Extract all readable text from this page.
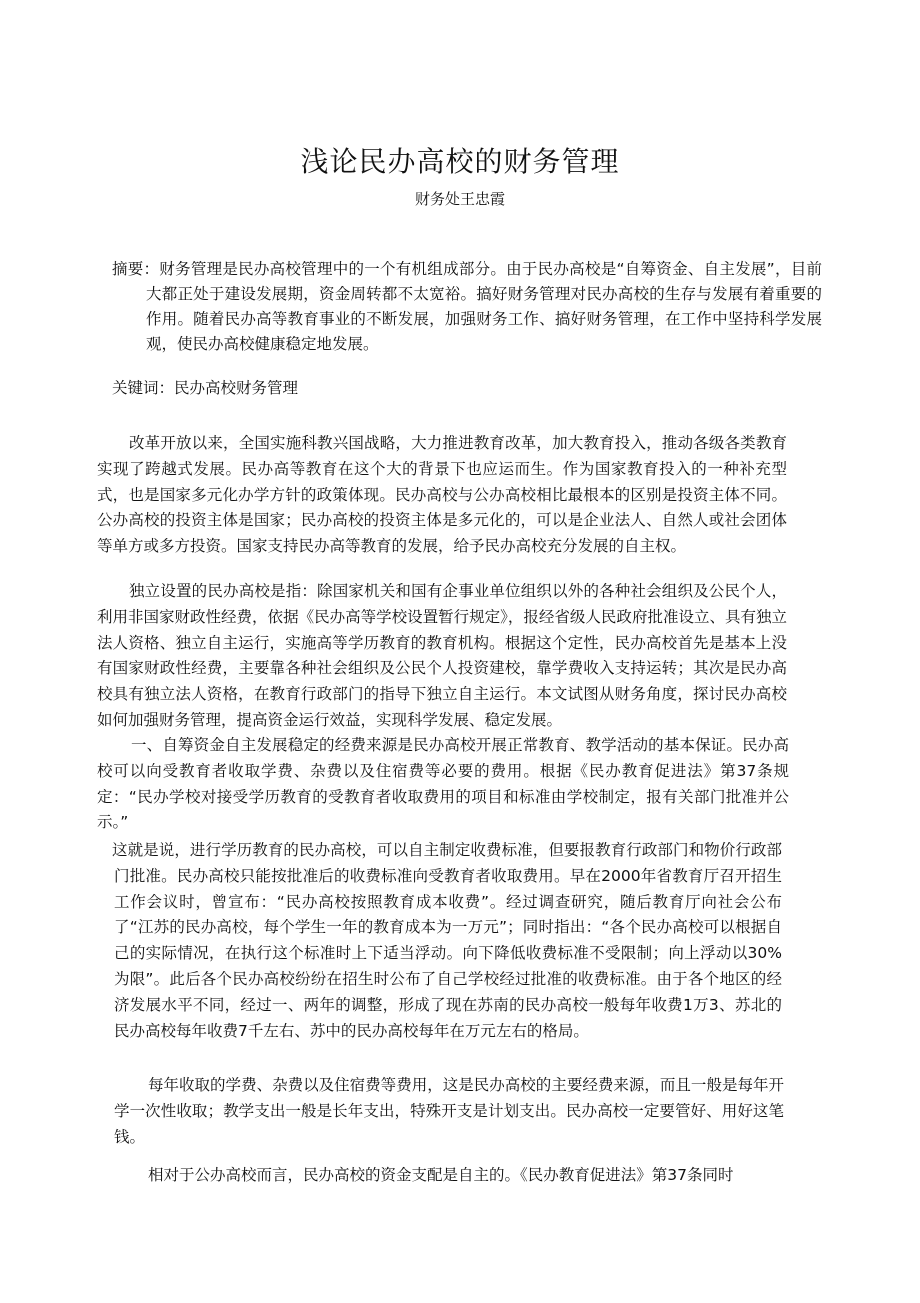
浅论民办高校的财务管理
财务处王忠霞

摘要：财务管理是民办高校管理中的一个有机组成部分。由于民办高校是“自筹资金、自主发展”，目前大都正处于建设发展期，资金周转都不太宽裕。搞好财务管理对民办高校的生存与发展有着重要的作用。随着民办高等教育事业的不断发展，加强财务工作、搞好财务管理，在工作中坚持科学发展观，使民办高校健康稳定地发展。

关键词：民办高校财务管理

改革开放以来，全国实施科教兴国战略，大力推进教育改革，加大教育投入，推动各级各类教育实现了跨越式发展。民办高等教育在这个大的背景下也应运而生。作为国家教育投入的一种补充型式，也是国家多元化办学方针的政策体现。民办高校与公办高校相比最根本的区别是投资主体不同。公办高校的投资主体是国家；民办高校的投资主体是多元化的，可以是企业法人、自然人或社会团体等单方或多方投资。国家支持民办高等教育的发展，给予民办高校充分发展的自主权。

独立设置的民办高校是指：除国家机关和国有企事业单位组织以外的各种社会组织及公民个人，利用非国家财政性经费，依据《民办高等学校设置暂行规定》，报经省级人民政府批准设立、具有独立法人资格、独立自主运行，实施高等学历教育的教育机构。根据这个定性，民办高校首先是基本上没有国家财政性经费，主要靠各种社会组织及公民个人投资建校，靠学费收入支持运转；其次是民办高校具有独立法人资格，在教育行政部门的指导下独立自主运行。本文试图从财务角度，探讨民办高校如何加强财务管理，提高资金运行效益，实现科学发展、稳定发展。

一、自筹资金自主发展稳定的经费来源是民办高校开展正常教育、教学活动的基本保证。民办高校可以向受教育者收取学费、杂费以及住宿费等必要的费用。根据《民办教育促进法》第37条规定：“民办学校对接受学历教育的受教育者收取费用的项目和标准由学校制定，报有关部门批准并公示。”

这就是说，进行学历教育的民办高校，可以自主制定收费标准，但要报教育行政部门和物价行政部门批准。民办高校只能按批准后的收费标准向受教育者收取费用。早在2000年省教育厅召开招生工作会议时，曾宣布：“民办高校按照教育成本收费”。经过调查研究，随后教育厅向社会公布了“江苏的民办高校，每个学生一年的教育成本为一万元”；同时指出：“各个民办高校可以根据自己的实际情况，在执行这个标准时上下适当浮动。向下降低收费标准不受限制；向上浮动以30%为限”。此后各个民办高校纷纷在招生时公布了自己学校经过批准的收费标准。由于各个地区的经济发展水平不同，经过一、两年的调整，形成了现在苏南的民办高校一般每年收费1万3、苏北的民办高校每年收费7千左右、苏中的民办高校每年在万元左右的格局。

每年收取的学费、杂费以及住宿费等费用，这是民办高校的主要经费来源，而且一般是每年开学一次性收取；教学支出一般是长年支出，特殊开支是计划支出。民办高校一定要管好、用好这笔钱。

相对于公办高校而言，民办高校的资金支配是自主的。《民办教育促进法》第37条同时
